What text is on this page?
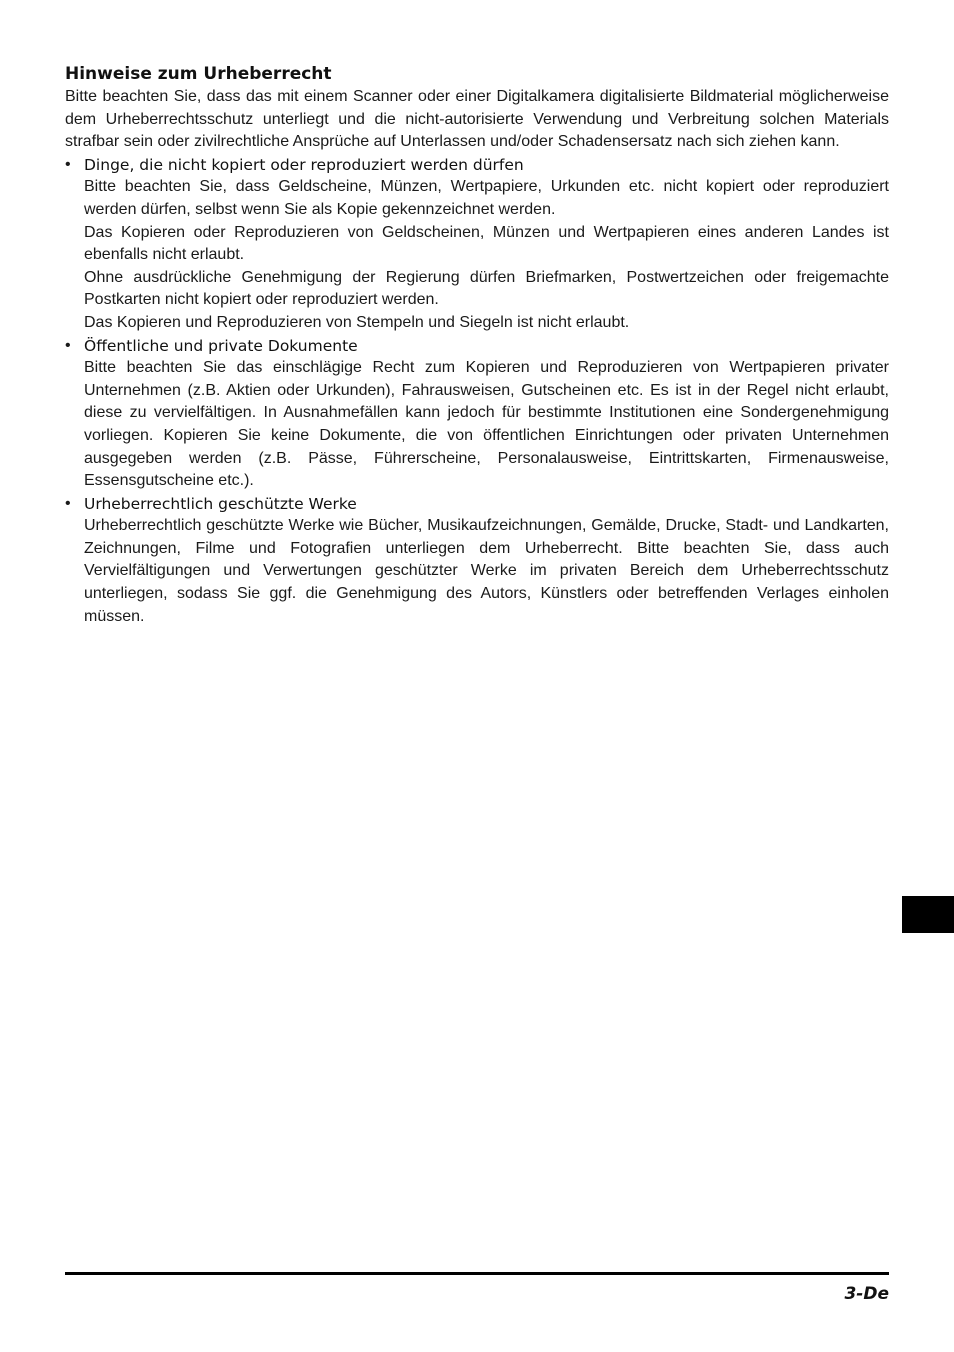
Hinweise zum Urheberrecht

Bitte beachten Sie, dass das mit einem Scanner oder einer Digitalkamera digitalisierte Bildmaterial möglicherweise dem Urheberrechtsschutz unterliegt und die nicht-autorisierte Verwendung und Verbreitung solchen Materials strafbar sein oder zivilrechtliche Ansprüche auf Unterlassen und/oder Schadensersatz nach sich ziehen kann.

• Dinge, die nicht kopiert oder reproduziert werden dürfen

Bitte beachten Sie, dass Geldscheine, Münzen, Wertpapiere, Urkunden etc. nicht kopiert oder reproduziert werden dürfen, selbst wenn Sie als Kopie gekennzeichnet werden.

Das Kopieren oder Reproduzieren von Geldscheinen, Münzen und Wertpapieren eines anderen Landes ist ebenfalls nicht erlaubt.

Ohne ausdrückliche Genehmigung der Regierung dürfen Briefmarken, Postwertzeichen oder freigemachte Postkarten nicht kopiert oder reproduziert werden.

Das Kopieren und Reproduzieren von Stempeln und Siegeln ist nicht erlaubt.

• Öffentliche und private Dokumente

Bitte beachten Sie das einschlägige Recht zum Kopieren und Reproduzieren von Wertpapieren privater Unternehmen (z.B. Aktien oder Urkunden), Fahrausweisen, Gutscheinen etc. Es ist in der Regel nicht erlaubt, diese zu vervielfältigen. In Ausnahmefällen kann jedoch für bestimmte Institutionen eine Sondergenehmigung vorliegen. Kopieren Sie keine Dokumente, die von öffentlichen Einrichtungen oder privaten Unternehmen ausgegeben werden (z.B. Pässe, Führerscheine, Personalausweise, Eintrittskarten, Firmenausweise, Essensgutscheine etc.).

• Urheberrechtlich geschützte Werke

Urheberrechtlich geschützte Werke wie Bücher, Musikaufzeichnungen, Gemälde, Drucke, Stadt- und Landkarten, Zeichnungen, Filme und Fotografien unterliegen dem Urheberrecht. Bitte beachten Sie, dass auch Vervielfältigungen und Verwertungen geschützter Werke im privaten Bereich dem Urheberrechtsschutz unterliegen, sodass Sie ggf. die Genehmigung des Autors, Künstlers oder betreffenden Verlages einholen müssen.

3-De
